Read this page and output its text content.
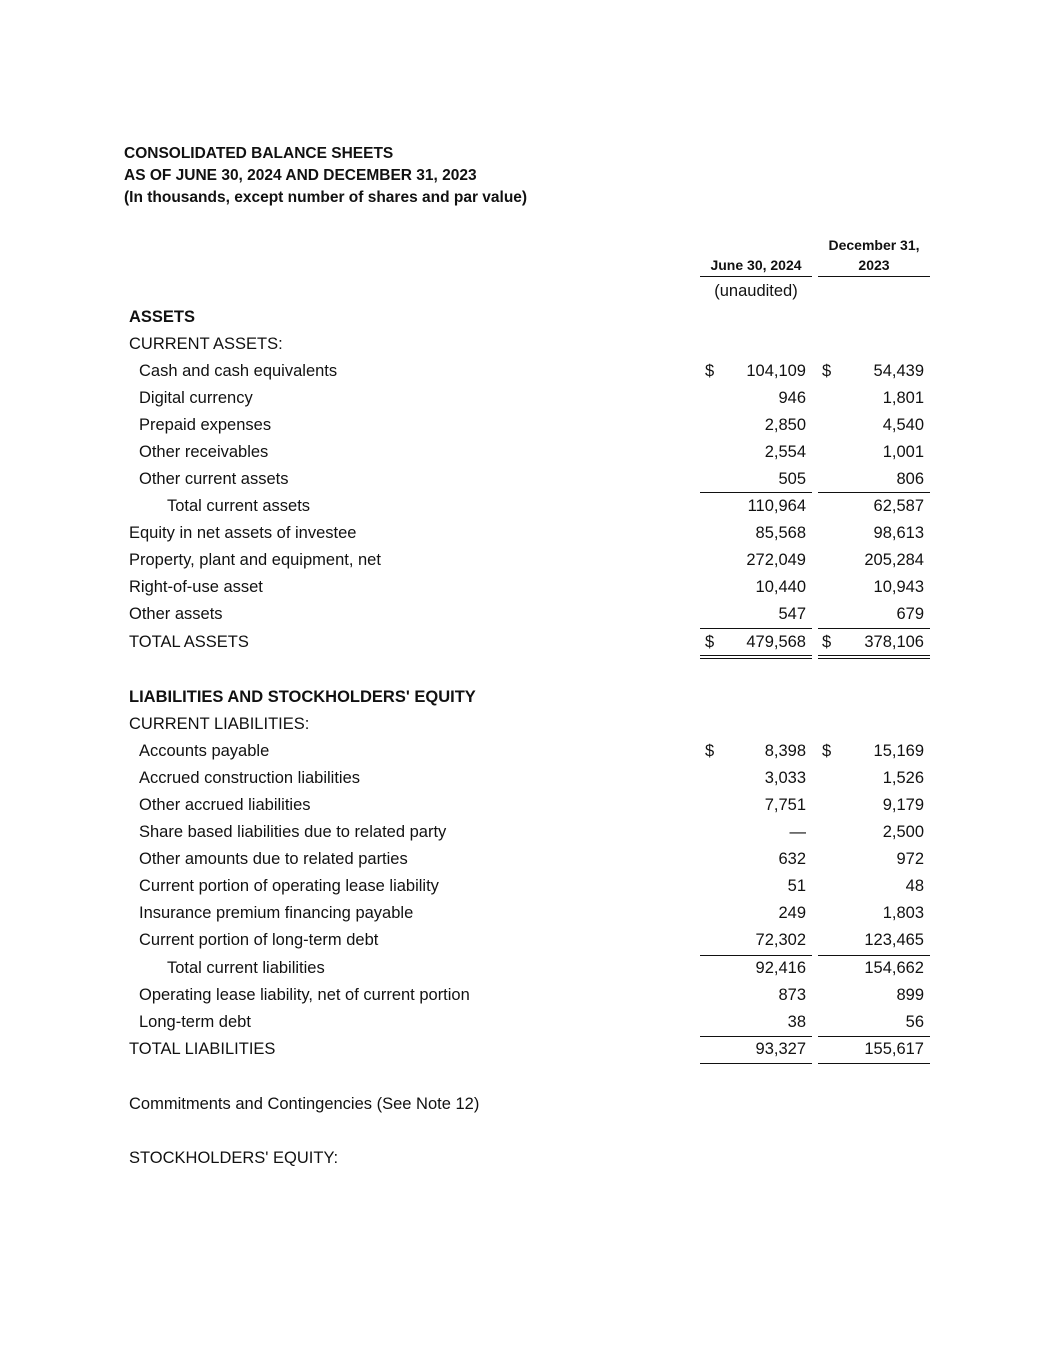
CONSOLIDATED BALANCE SHEETS
AS OF JUNE 30, 2024 AND DECEMBER 31, 2023
(In thousands, except number of shares and par value)
June 30, 2024
December 31,
2023
(unaudited)
ASSETS
CURRENT ASSETS:
Cash and cash equivalents	$	104,109 $	54,439
Digital currency	946	1,801
Prepaid expenses	2,850	4,540
Other receivables	2,554	1,001
Other current assets	505	806
Total current assets	110,964	62,587
Equity in net assets of investee	85,568	98,613
Property, plant and equipment, net	272,049	205,284
Right-of-use asset	10,440	10,943
Other assets	547	679
TOTAL ASSETS	$	479,568 $	378,106
LIABILITIES AND STOCKHOLDERS' EQUITY
CURRENT LIABILITIES:
Accounts payable	$	8,398 $	15,169
Accrued construction liabilities	3,033	1,526
Other accrued liabilities	7,751	9,179
Share based liabilities due to related party	—	2,500
Other amounts due to related parties	632	972
Current portion of operating lease liability	51	48
Insurance premium financing payable	249	1,803
Current portion of long-term debt	72,302	123,465
Total current liabilities	92,416	154,662
Operating lease liability, net of current portion	873	899
Long-term debt	38	56
TOTAL LIABILITIES	93,327	155,617
Commitments and Contingencies (See Note 12)
STOCKHOLDERS' EQUITY:
